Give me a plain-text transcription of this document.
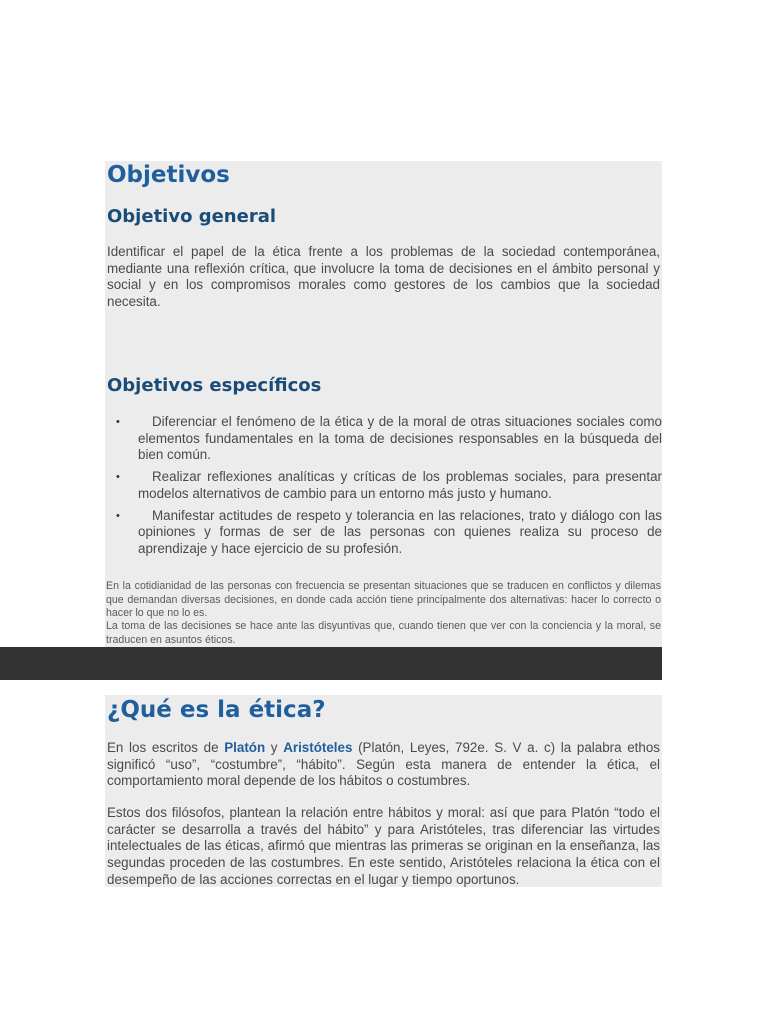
Objetivos
Objetivo general

Identificar el papel de la ética frente a los problemas de la sociedad contemporánea, mediante una reflexión crítica, que involucre la toma de decisiones en el ámbito personal y social y en los compromisos morales como gestores de los cambios que la sociedad necesita.

Objetivos específicos
• Diferenciar el fenómeno de la ética y de la moral de otras situaciones sociales como elementos fundamentales en la toma de decisiones responsables en la búsqueda del bien común.
• Realizar reflexiones analíticas y críticas de los problemas sociales, para presentar modelos alternativos de cambio para un entorno más justo y humano.
• Manifestar actitudes de respeto y tolerancia en las relaciones, trato y diálogo con las opiniones y formas de ser de las personas con quienes realiza su proceso de aprendizaje y hace ejercicio de su profesión.

En la cotidianidad de las personas con frecuencia se presentan situaciones que se traducen en conflictos y dilemas que demandan diversas decisiones, en donde cada acción tiene principalmente dos alternativas: hacer lo correcto o hacer lo que no lo es.

La toma de las decisiones se hace ante las disyuntivas que, cuando tienen que ver con la conciencia y la moral, se traducen en asuntos éticos.

¿Qué es la ética?

En los escritos de Platón y Aristóteles (Platón, Leyes, 792e. S. V a. c) la palabra ethos significó “uso”, “costumbre”, “hábito”. Según esta manera de entender la ética, el comportamiento moral depende de los hábitos o costumbres.

Estos dos filósofos, plantean la relación entre hábitos y moral: así que para Platón “todo el carácter se desarrolla a través del hábito” y para Aristóteles, tras diferenciar las virtudes intelectuales de las éticas, afirmó que mientras las primeras se originan en la enseñanza, las segundas proceden de las costumbres. En este sentido, Aristóteles relaciona la ética con el desempeño de las acciones correctas en el lugar y tiempo oportunos.
